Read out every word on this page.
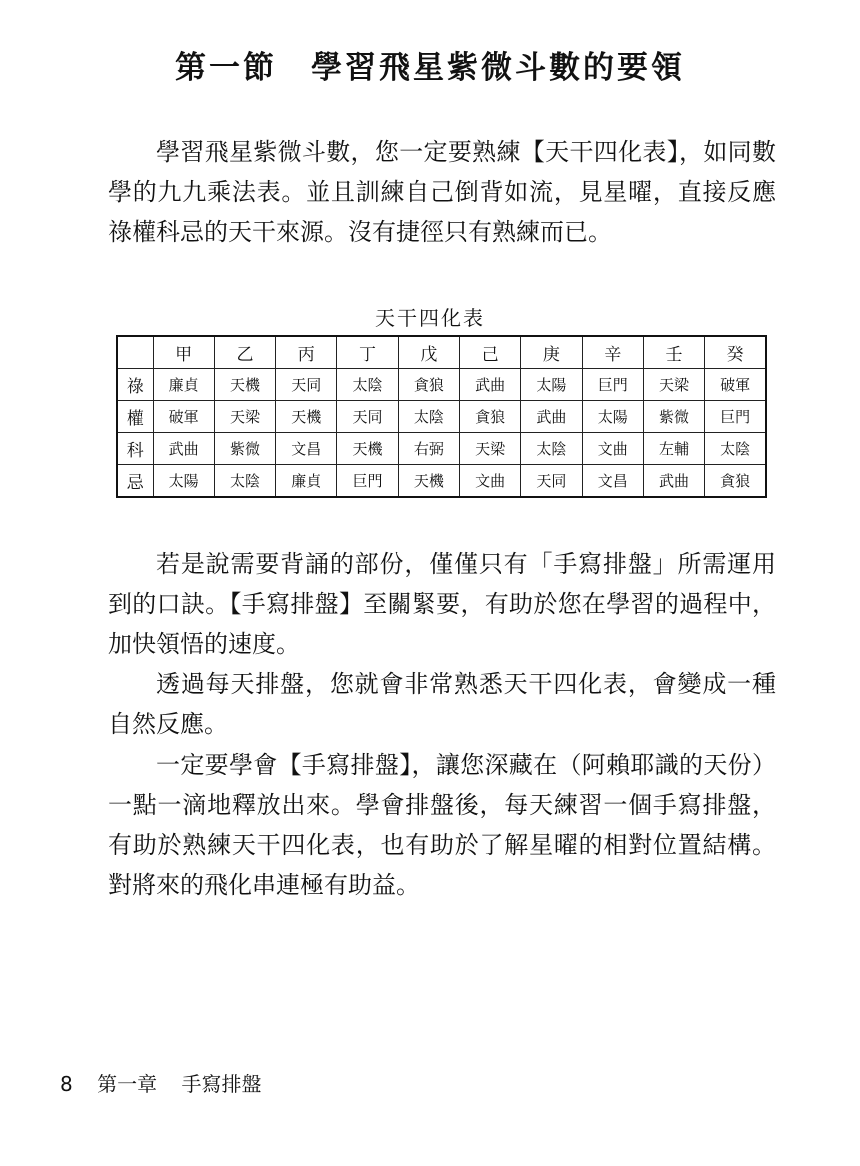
第一節　學習飛星紫微斗數的要領

學習飛星紫微斗數，您一定要熟練【天干四化表】，如同數學的九九乘法表。並且訓練自己倒背如流，見星曜，直接反應祿權科忌的天干來源。沒有捷徑只有熟練而已。

天干四化表
	甲	乙	丙	丁	戊	己	庚	辛	壬	癸
祿	廉貞	天機	天同	太陰	貪狼	武曲	太陽	巨門	天梁	破軍
權	破軍	天梁	天機	天同	太陰	貪狼	武曲	太陽	紫微	巨門
科	武曲	紫微	文昌	天機	右弼	天梁	太陰	文曲	左輔	太陰
忌	太陽	太陰	廉貞	巨門	天機	文曲	天同	文昌	武曲	貪狼

若是說需要背誦的部份，僅僅只有「手寫排盤」所需運用到的口訣。【手寫排盤】至關緊要，有助於您在學習的過程中，加快領悟的速度。

透過每天排盤，您就會非常熟悉天干四化表，會變成一種自然反應。

一定要學會【手寫排盤】，讓您深藏在（阿賴耶識的天份）一點一滴地釋放出來。學會排盤後，每天練習一個手寫排盤，有助於熟練天干四化表，也有助於了解星曜的相對位置結構。對將來的飛化串連極有助益。

8 第一章 手寫排盤
